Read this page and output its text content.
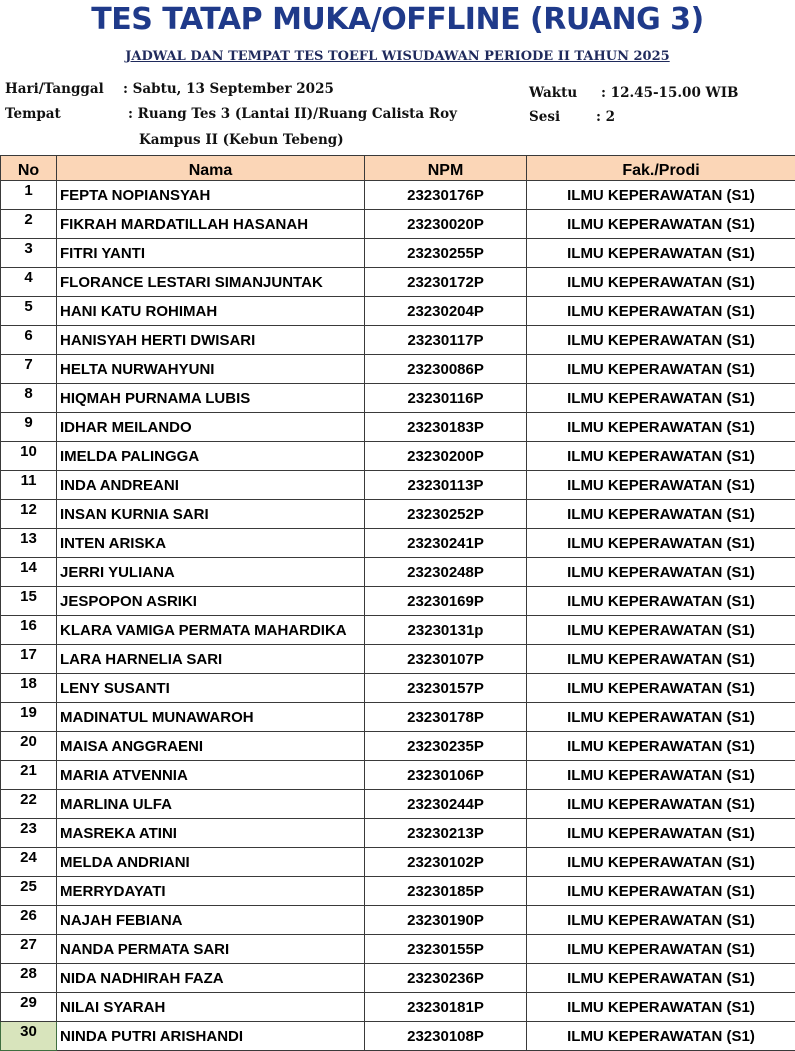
TES TATAP MUKA/OFFLINE (RUANG 3)
JADWAL DAN TEMPAT TES TOEFL WISUDAWAN PERIODE II TAHUN 2025
Hari/Tanggal : Sabtu, 13 September 2025
Tempat	: Ruang Tes 3 (Lantai II)/Ruang Calista Roy
Kampus II (Kebun Tebeng)
Waktu : 12.45-15.00 WIB
Sesi	: 2
No	Nama	NPM	Fak./Prodi
1	FEPTA NOPIANSYAH	23230176P	ILMU KEPERAWATAN (S1)
2	FIKRAH MARDATILLAH HASANAH	23230020P	ILMU KEPERAWATAN (S1)
3	FITRI YANTI	23230255P	ILMU KEPERAWATAN (S1)
4	FLORANCE LESTARI SIMANJUNTAK	23230172P	ILMU KEPERAWATAN (S1)
5	HANI KATU ROHIMAH	23230204P	ILMU KEPERAWATAN (S1)
6	HANISYAH HERTI DWISARI	23230117P	ILMU KEPERAWATAN (S1)
7	HELTA NURWAHYUNI	23230086P	ILMU KEPERAWATAN (S1)
8	HIQMAH PURNAMA LUBIS	23230116P	ILMU KEPERAWATAN (S1)
9	IDHAR MEILANDO	23230183P	ILMU KEPERAWATAN (S1)
10	IMELDA PALINGGA	23230200P	ILMU KEPERAWATAN (S1)
11	INDA ANDREANI	23230113P	ILMU KEPERAWATAN (S1)
12	INSAN KURNIA SARI	23230252P	ILMU KEPERAWATAN (S1)
13	INTEN ARISKA	23230241P	ILMU KEPERAWATAN (S1)
14	JERRI YULIANA	23230248P	ILMU KEPERAWATAN (S1)
15	JESPOPON ASRIKI	23230169P	ILMU KEPERAWATAN (S1)
16	KLARA VAMIGA PERMATA MAHARDIKA	23230131p	ILMU KEPERAWATAN (S1)
17	LARA HARNELIA SARI	23230107P	ILMU KEPERAWATAN (S1)
18	LENY SUSANTI	23230157P	ILMU KEPERAWATAN (S1)
19	MADINATUL MUNAWAROH	23230178P	ILMU KEPERAWATAN (S1)
20	MAISA ANGGRAENI	23230235P	ILMU KEPERAWATAN (S1)
21	MARIA ATVENNIA	23230106P	ILMU KEPERAWATAN (S1)
22	MARLINA ULFA	23230244P	ILMU KEPERAWATAN (S1)
23	MASREKA ATINI	23230213P	ILMU KEPERAWATAN (S1)
24	MELDA ANDRIANI	23230102P	ILMU KEPERAWATAN (S1)
25	MERRYDAYATI	23230185P	ILMU KEPERAWATAN (S1)
26	NAJAH FEBIANA	23230190P	ILMU KEPERAWATAN (S1)
27	NANDA PERMATA SARI	23230155P	ILMU KEPERAWATAN (S1)
28	NIDA NADHIRAH FAZA	23230236P	ILMU KEPERAWATAN (S1)
29	NILAI SYARAH	23230181P	ILMU KEPERAWATAN (S1)
30	NINDA PUTRI ARISHANDI	23230108P	ILMU KEPERAWATAN (S1)
